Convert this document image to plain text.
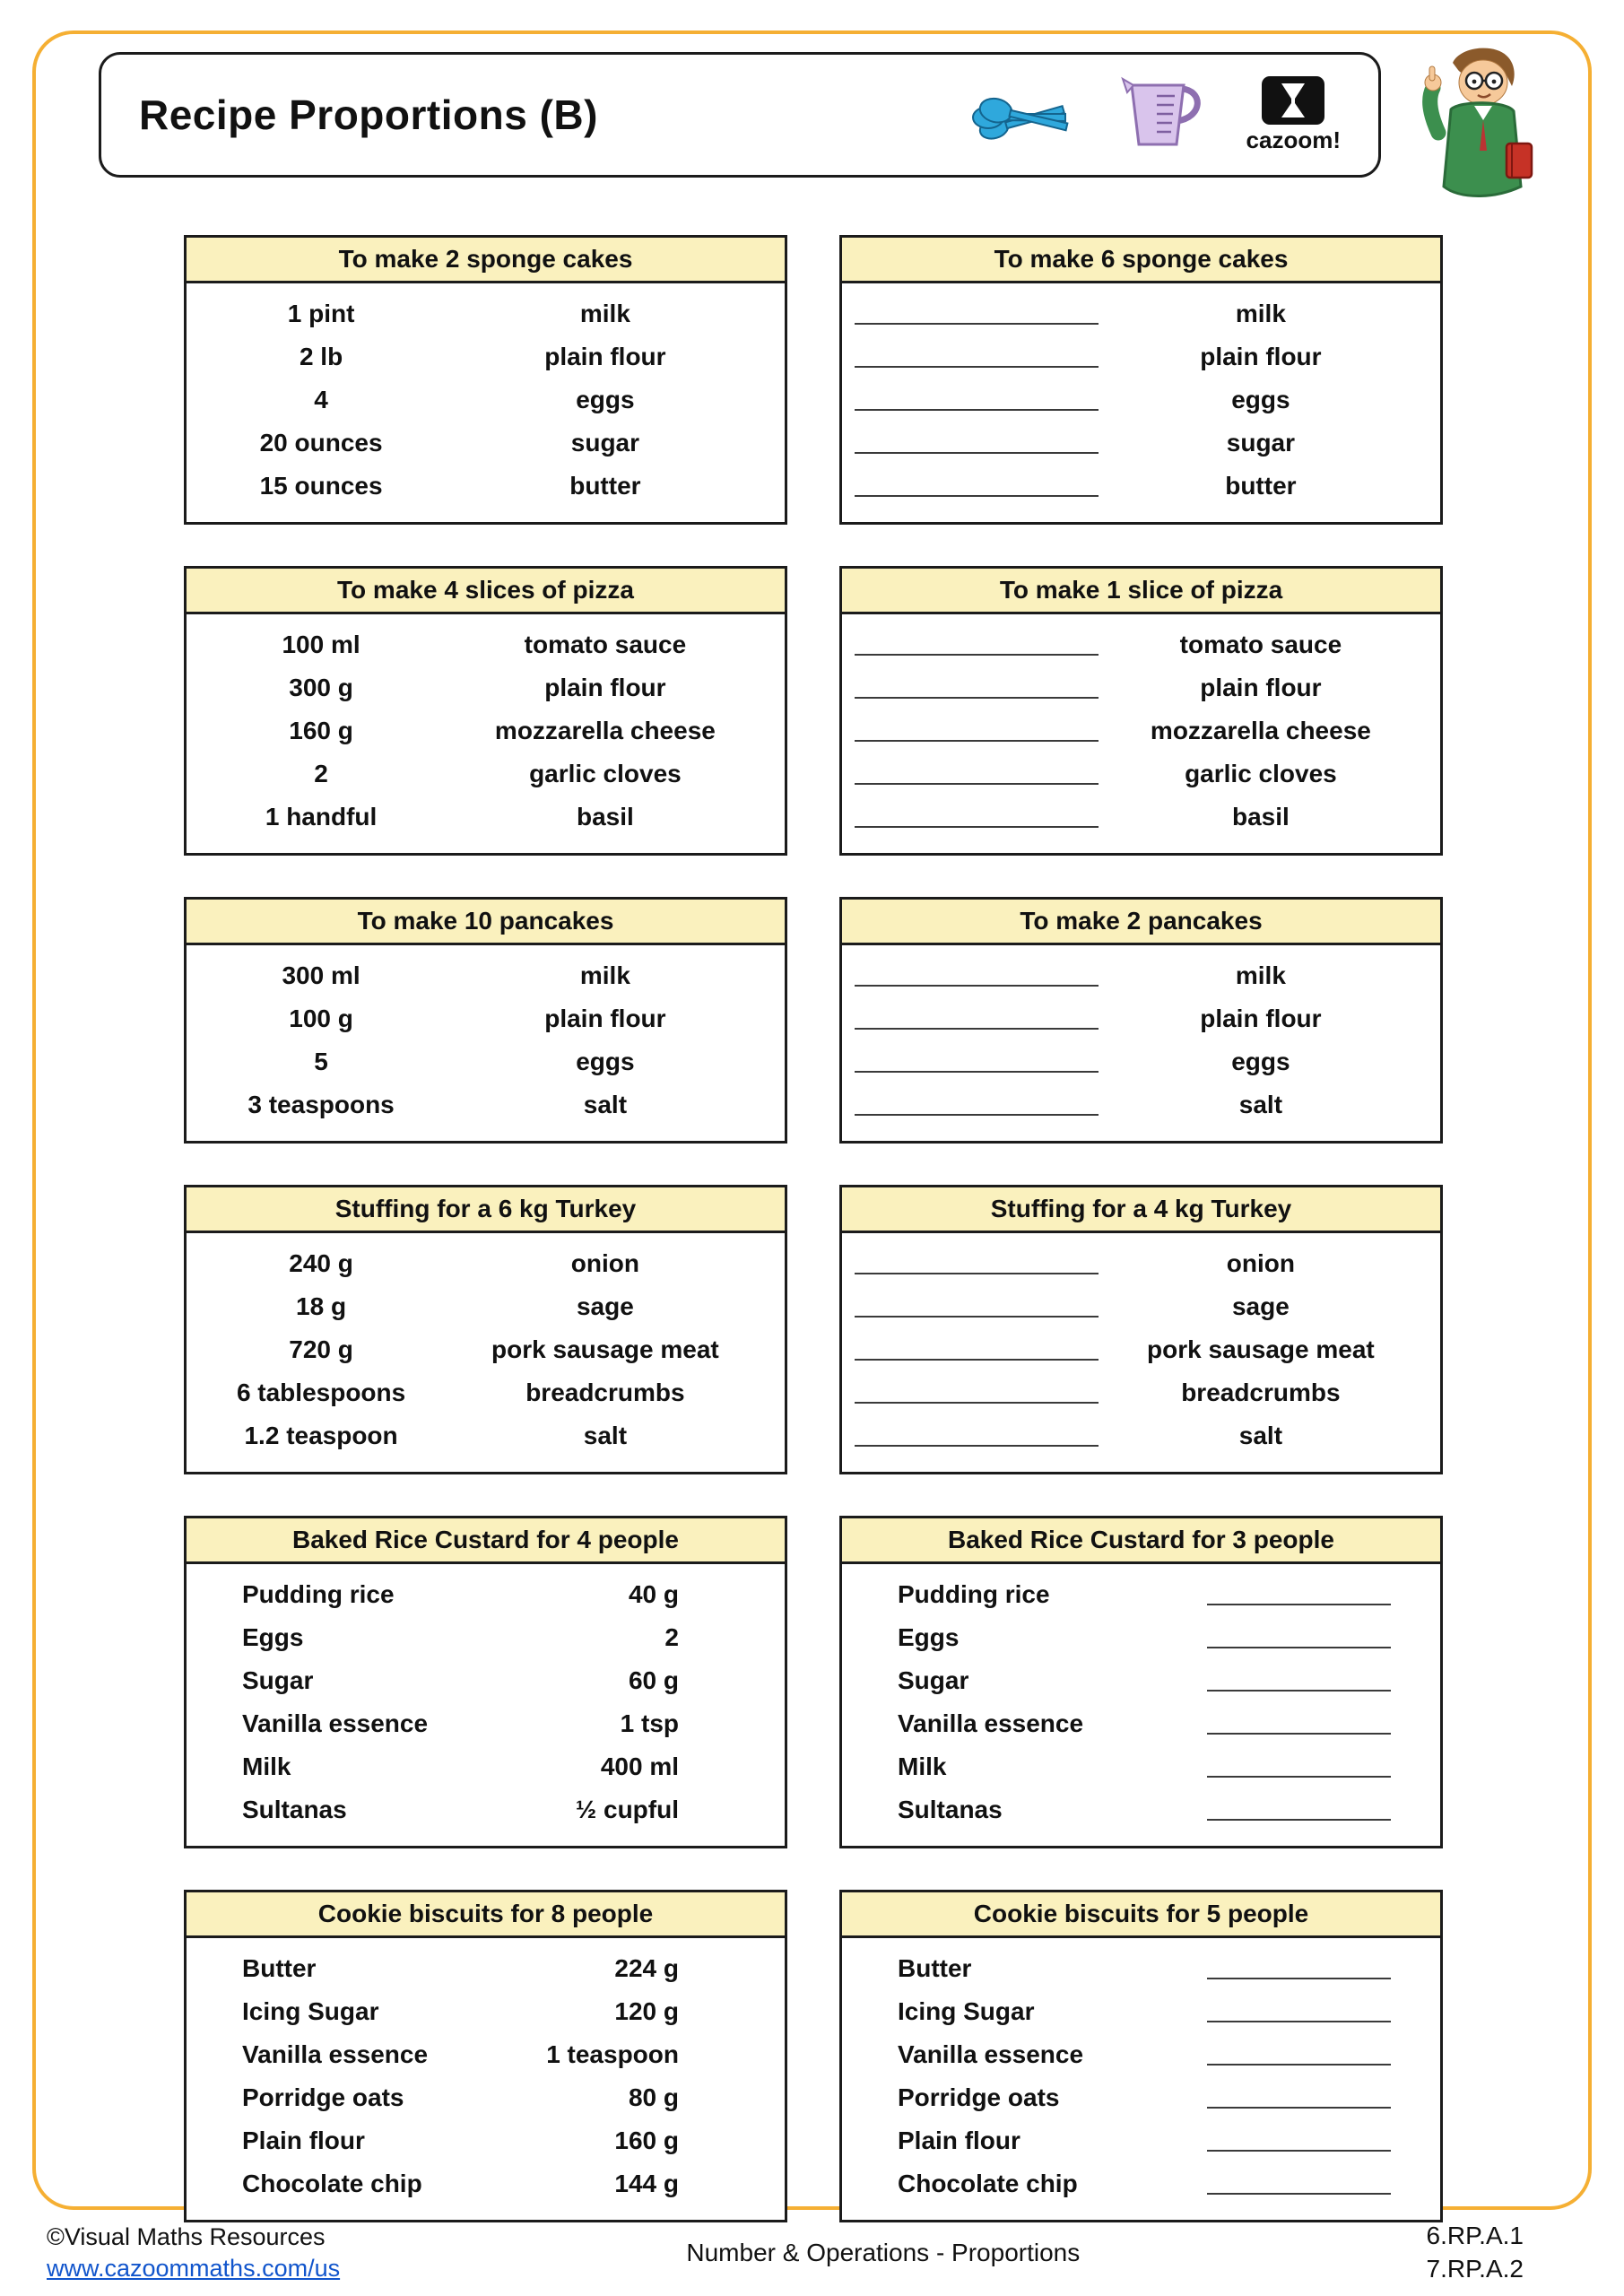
Recipe Proportions (B)
cazoom!
To make 2 sponge cakes
1 pint	milk
2 lb	plain flour
4	eggs
20 ounces	sugar
15 ounces	butter
To make 6 sponge cakes
milk
plain flour
eggs
sugar
butter
To make 4 slices of pizza
100 ml	tomato sauce
300 g	plain flour
160 g	mozzarella cheese
2	garlic cloves
1 handful	basil
To make 1 slice of pizza
tomato sauce
plain flour
mozzarella cheese
garlic cloves
basil
To make 10 pancakes
300 ml	milk
100 g	plain flour
5	eggs
3 teaspoons	salt
To make 2 pancakes
milk
plain flour
eggs
salt
Stuffing for a 6 kg Turkey
240 g	onion
18 g	sage
720 g	pork sausage meat
6 tablespoons	breadcrumbs
1.2 teaspoon	salt
Stuffing for a 4 kg Turkey
onion
sage
pork sausage meat
breadcrumbs
salt
Baked Rice Custard for 4 people
Pudding rice	40 g
Eggs	2
Sugar	60 g
Vanilla essence	1 tsp
Milk	400 ml
Sultanas	½ cupful
Baked Rice Custard for 3 people
Pudding rice
Eggs
Sugar
Vanilla essence
Milk
Sultanas
Cookie biscuits for 8 people
Butter	224 g
Icing Sugar	120 g
Vanilla essence	1 teaspoon
Porridge oats	80 g
Plain flour	160 g
Chocolate chip	144 g
Cookie biscuits for 5 people
Butter
Icing Sugar
Vanilla essence
Porridge oats
Plain flour
Chocolate chip
©Visual Maths Resources
www.cazoommaths.com/us
Number & Operations - Proportions
6.RP.A.1
7.RP.A.2
